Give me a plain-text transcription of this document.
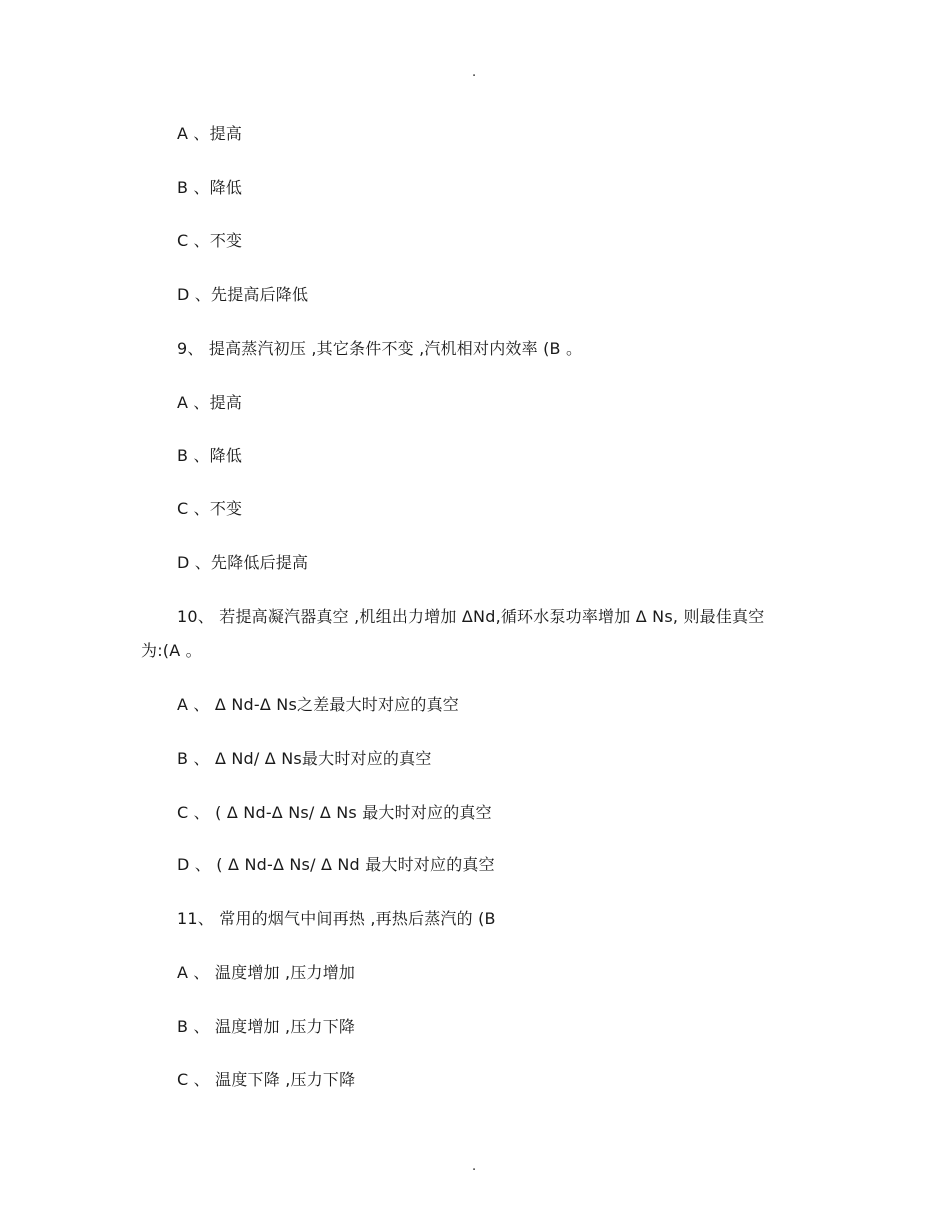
.
A 、提高
B 、降低
C 、不变
D 、先提高后降低
9、 提高蒸汽初压 ,其它条件不变 ,汽机相对内效率 (B 。
A 、提高
B 、降低
C 、不变
D 、先降低后提高
10、 若提高凝汽器真空 ,机组出力增加 ΔNd,循环水泵功率增加 Δ Ns, 则最佳真空
为:(A 。
A 、 Δ Nd-Δ Ns之差最大时对应的真空
B 、 Δ Nd/ Δ Ns最大时对应的真空
C 、 ( Δ Nd-Δ Ns/ Δ Ns 最大时对应的真空
D 、 ( Δ Nd-Δ Ns/ Δ Nd 最大时对应的真空
11、 常用的烟气中间再热 ,再热后蒸汽的 (B
A 、 温度增加 ,压力增加
B 、 温度增加 ,压力下降
C 、 温度下降 ,压力下降
.
